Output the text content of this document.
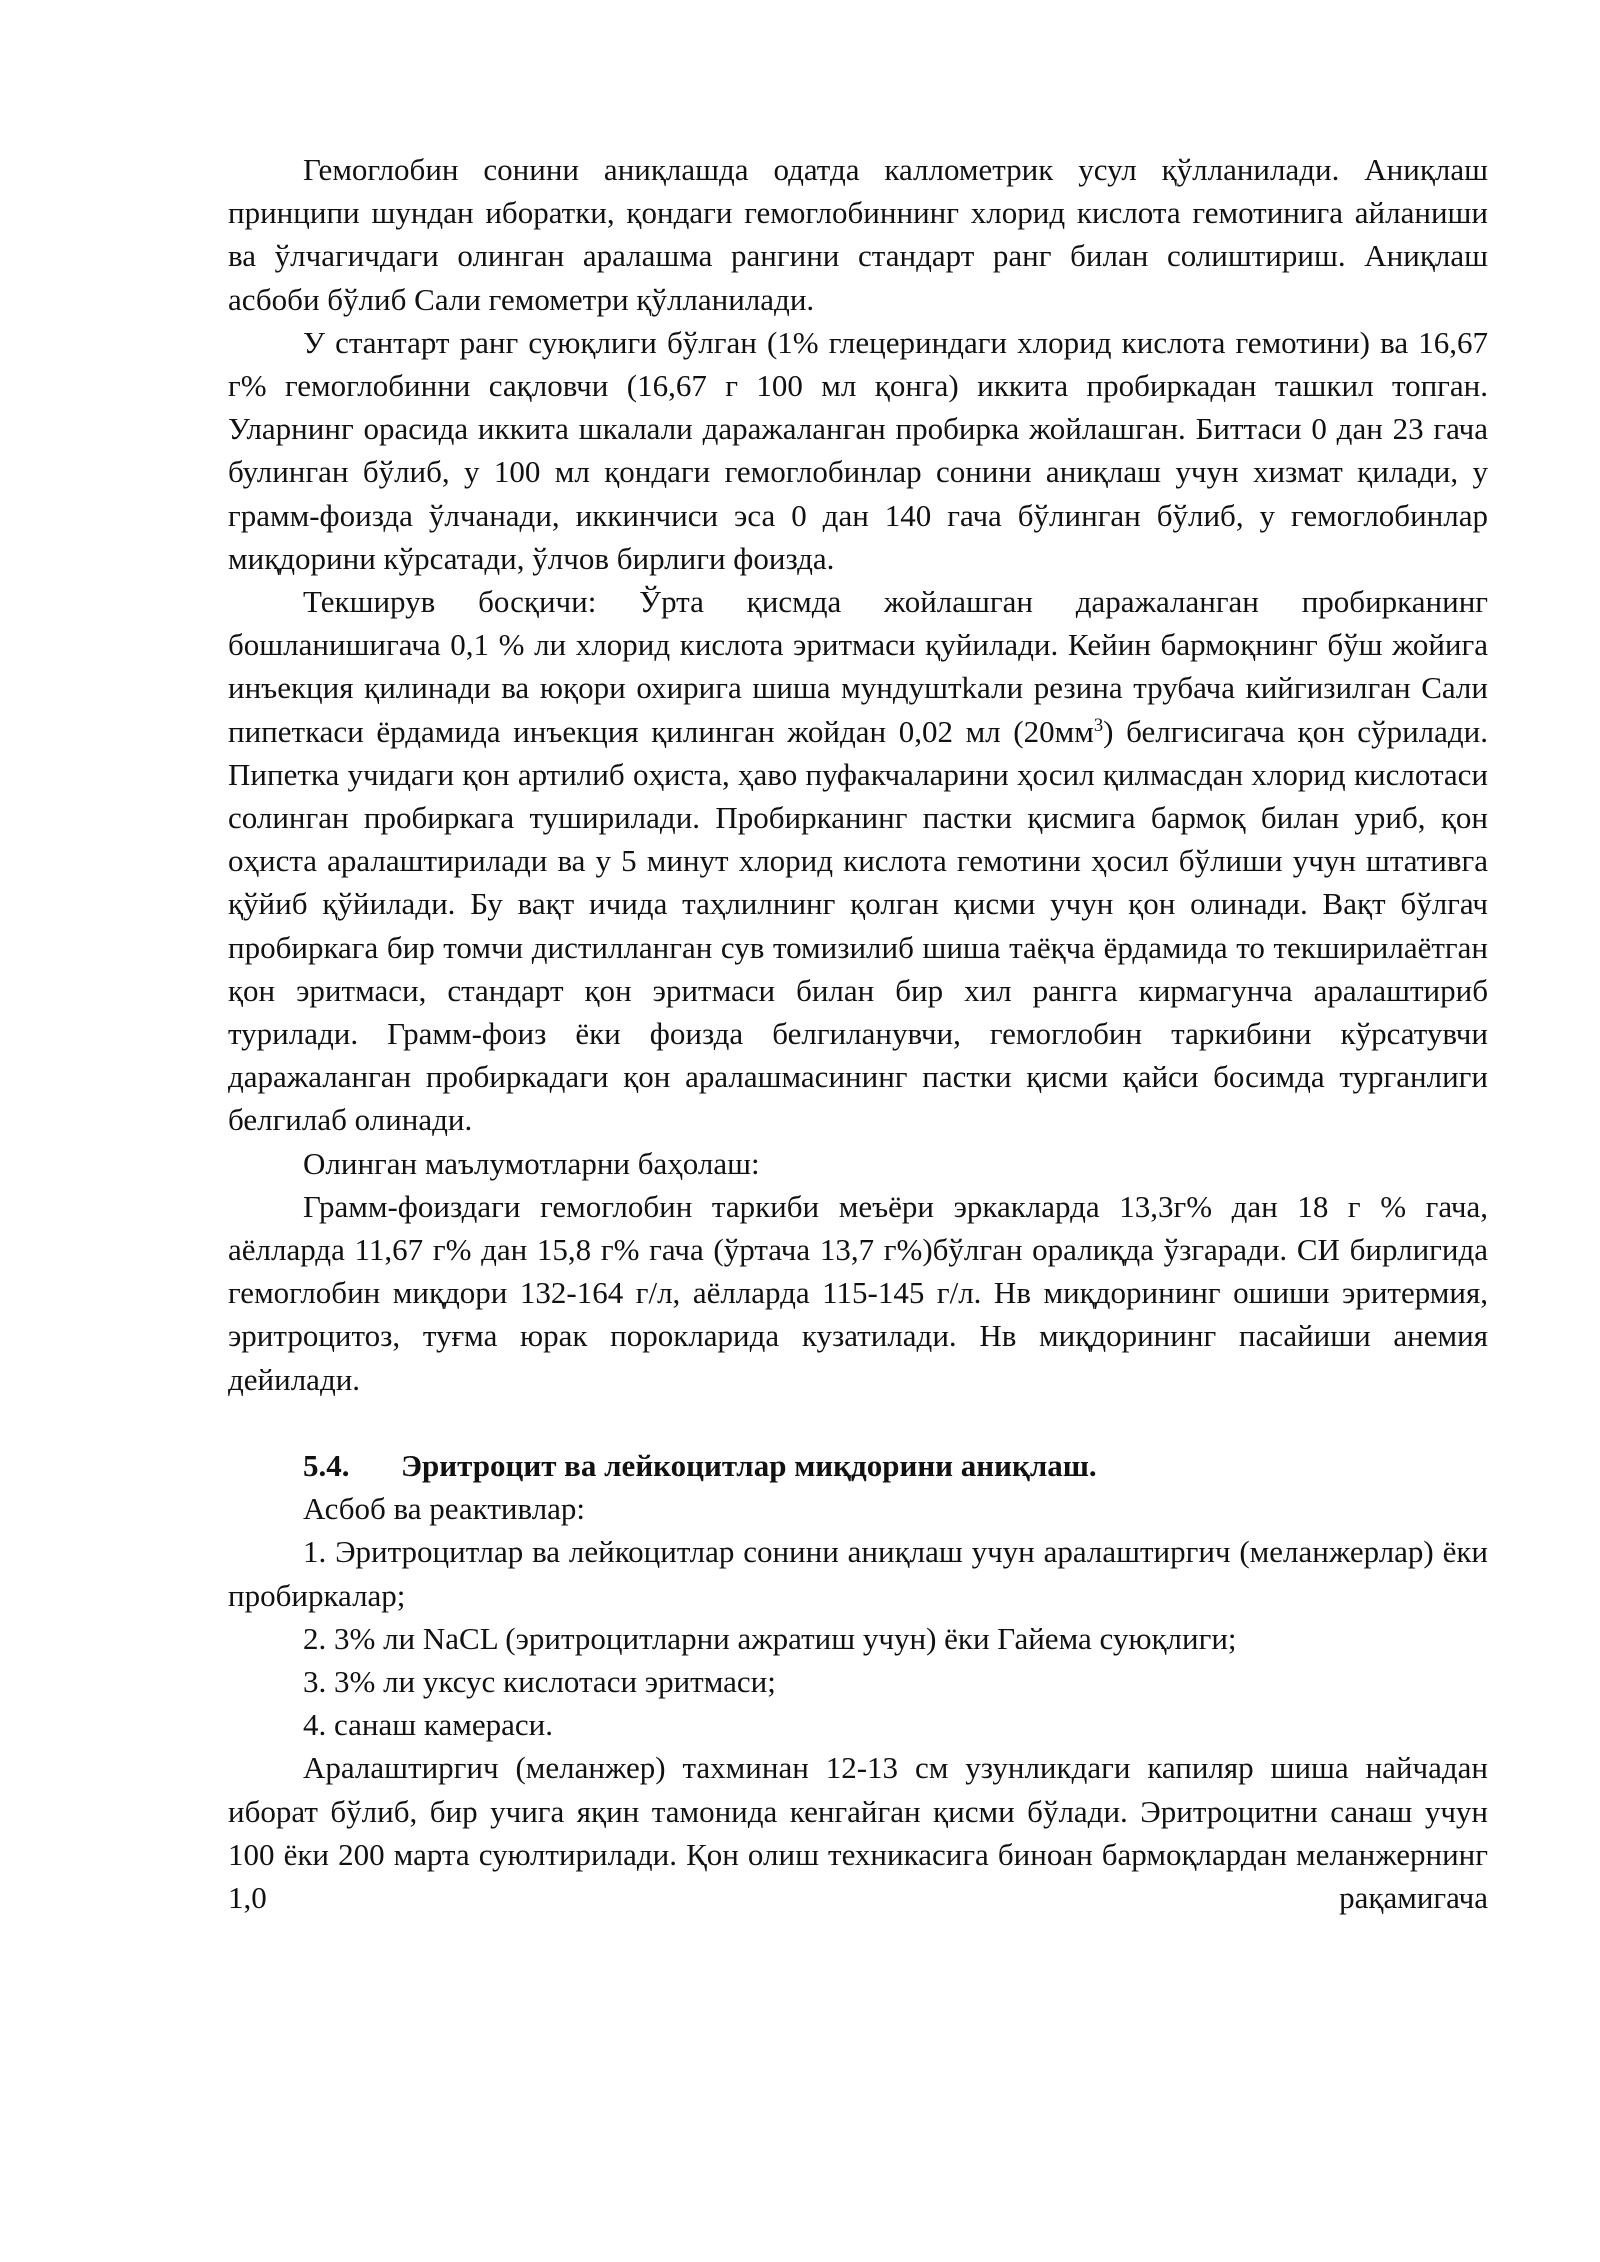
Гемоглобин сонини аниқлашда одатда каллометрик усул қўлланилади. Аниқлаш принципи шундан иборатки, қондаги гемоглобиннинг хлорид кислота гемотинига айланиши ва ўлчагичдаги олинган аралашма рангини стандарт ранг билан солиштириш. Аниқлаш асбоби бўлиб Сали гемометри қўлланилади.

У стантарт ранг суюқлиги бўлган (1% глецериндаги хлорид кислота гемотини) ва 16,67 г% гемоглобинни сақловчи (16,67 г 100 мл қонга) иккита пробиркадан ташкил топган. Уларнинг орасида иккита шкалали даражаланган пробирка жойлашган. Биттаси 0 дан 23 гача булинган бўлиб, у 100 мл қондаги гемоглобинлар сонини аниқлаш учун хизмат қилади, у грамм-фоизда ўлчанади, иккинчиси эса 0 дан 140 гача бўлинган бўлиб, у гемоглобинлар миқдорини кўрсатади, ўлчов бирлиги фоизда.

Текширув босқичи: Ўрта қисмда жойлашган даражаланган пробирканинг бошланишигача 0,1 % ли хлорид кислота эритмаси қуйилади. Кейин бармоқнинг бўш жойига инъекция қилинади ва юқори охирига шиша мундуштkали резина трубача кийгизилган Сали пипеткаси ёрдамида инъекция қилинган жойдан 0,02 мл $(20мм^3)$ белгисигача қон сўрилади. Пипетка учидаги қон артилиб оҳиста, ҳаво пуфакчаларини ҳосил қилмасдан хлорид кислотаси солинган пробиркага туширилади. Пробирканинг пастки қисмига бармоқ билан уриб, қон оҳиста аралаштирилади ва у 5 минут хлорид кислота гемотини ҳосил бўлиши учун штативга қўйиб қўйилади. Бу вақт ичида таҳлилнинг қолган қисми учун қон олинади. Вақт бўлгач пробиркага бир томчи дистилланган сув томизилиб шиша таёқча ёрдамида то текширилаётган қон эритмаси, стандарт қон эритмаси билан бир хил рангга кирмагунча аралаштириб турилади. Грамм-фоиз ёки фоизда белгиланувчи, гемоглобин таркибини кўрсатувчи даражаланган пробиркадаги қон аралашмасининг пастки қисми қайси босимда турганлиги белгилаб олинади.

Олинган маълумотларни баҳолаш:

Грамм-фоиздаги гемоглобин таркиби меъёри эркакларда 13,3г% дан 18 г % гача, аёлларда 11,67 г% дан 15,8 г% гача (ўртача 13,7 г%)бўлган оралиқда ўзгаради. СИ бирлигида гемоглобин миқдори 132-164 г/л, аёлларда 115-145 г/л. Нв миқдорининг ошиши эритермия, эритроцитоз, туғма юрак порокларида кузатилади. Нв миқдорининг пасайиши анемия дейилади.

5.4. Эритроцит ва лейкоцитлар миқдорини аниқлаш.

Асбоб ва реактивлар:

1. Эритроцитлар ва лейкоцитлар сонини аниқлаш учун аралаштиргич (меланжерлар) ёки пробиркалар;

2. 3% ли NaCL (эритроцитларни ажратиш учун) ёки Гайема суюқлиги;

3. 3% ли уксус кислотаси эритмаси;

4. санаш камераси.

Аралаштиргич (меланжер) тахминан 12-13 см узунликдаги капиляр шиша найчадан иборат бўлиб, бир учига яқин тамонида кенгайган қисми бўлади. Эритроцитни санаш учун 100 ёки 200 марта суюлтирилади. Қон олиш техникасига биноан бармоқлардан меланжернинг 1,0 рақамигача
